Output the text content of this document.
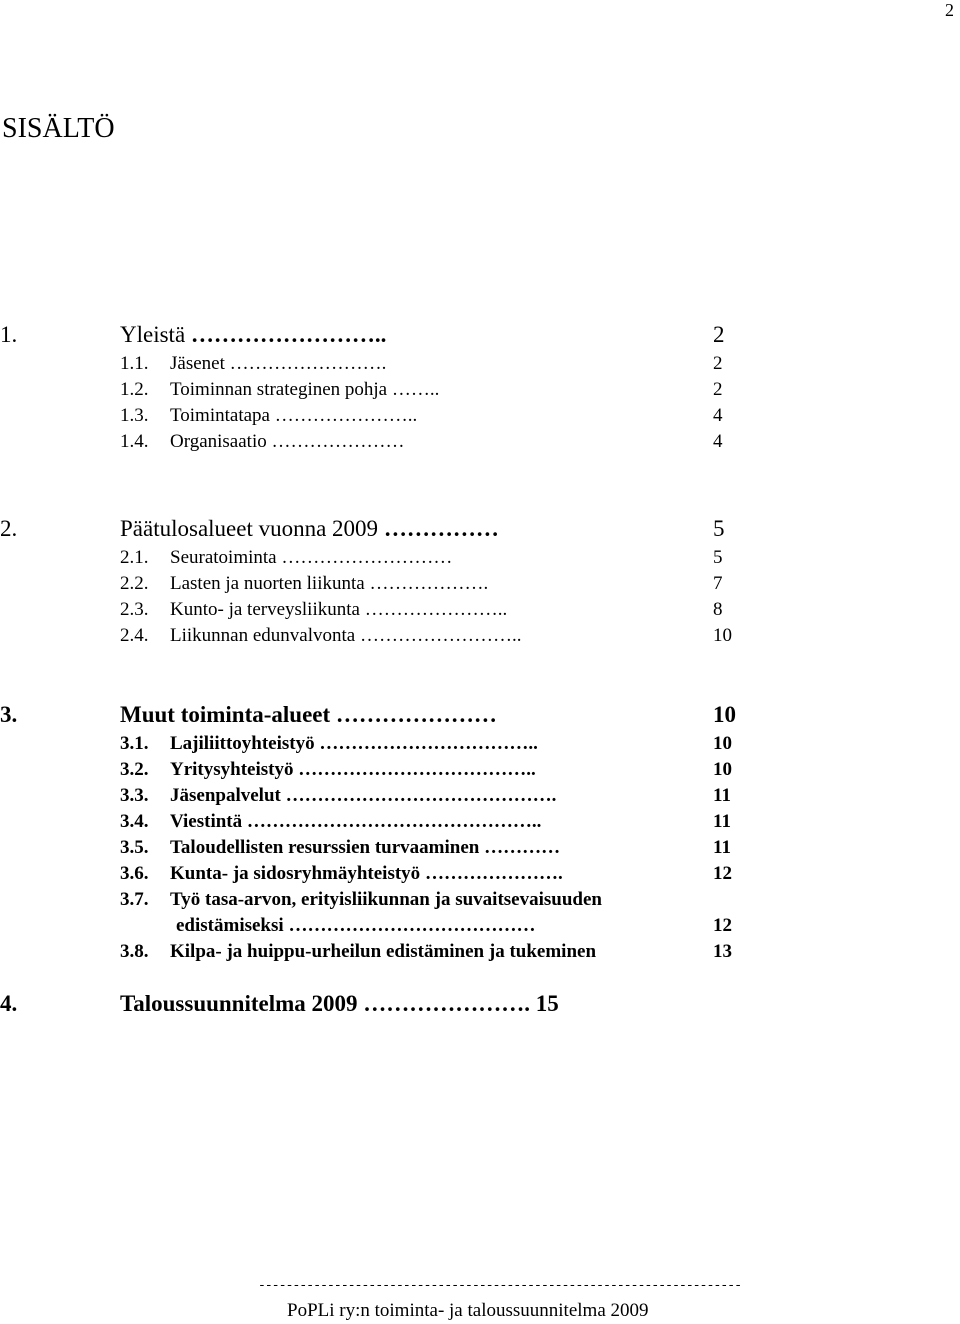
2
SISÄLTÖ
1.	Yleistä ……………………..	2
1.1. Jäsenet …………………….	2
1.2. Toiminnan strateginen pohja ……..	2
1.3. Toimintatapa …………………..	4
1.4. Organisaatio …………………	4
2.	Päätulosalueet vuonna 2009 ……………	5
2.1. Seuratoiminta ………………………	5
2.2. Lasten ja nuorten liikunta ……………….	7
2.3. Kunto- ja terveysliikunta …………………..	8
2.4. Liikunnan edunvalvonta ……………………..	10
3.	Muut toiminta-alueet …………………	10
3.1. Lajiliittoyhteistyö ……………………………..	10
3.2. Yritysyhteistyö ………………………………..	10
3.3. Jäsenpalvelut …………………………………….	11
3.4. Viestintä ………………………………………..	11
3.5. Taloudellisten resurssien turvaaminen …………	11
3.6. Kunta- ja sidosryhmäyhteistyö ………………….	12
3.7. Työ tasa-arvon, erityisliikunnan ja suvaitsevaisuuden
edistämiseksi …………………………………	12
3.8. Kilpa- ja huippu-urheilun edistäminen ja tukeminen	13
4.	Taloussuunnitelma 2009 …………………. 15
----------------------------------------------------------------------
PoPLi ry:n toiminta- ja taloussuunnitelma 2009
